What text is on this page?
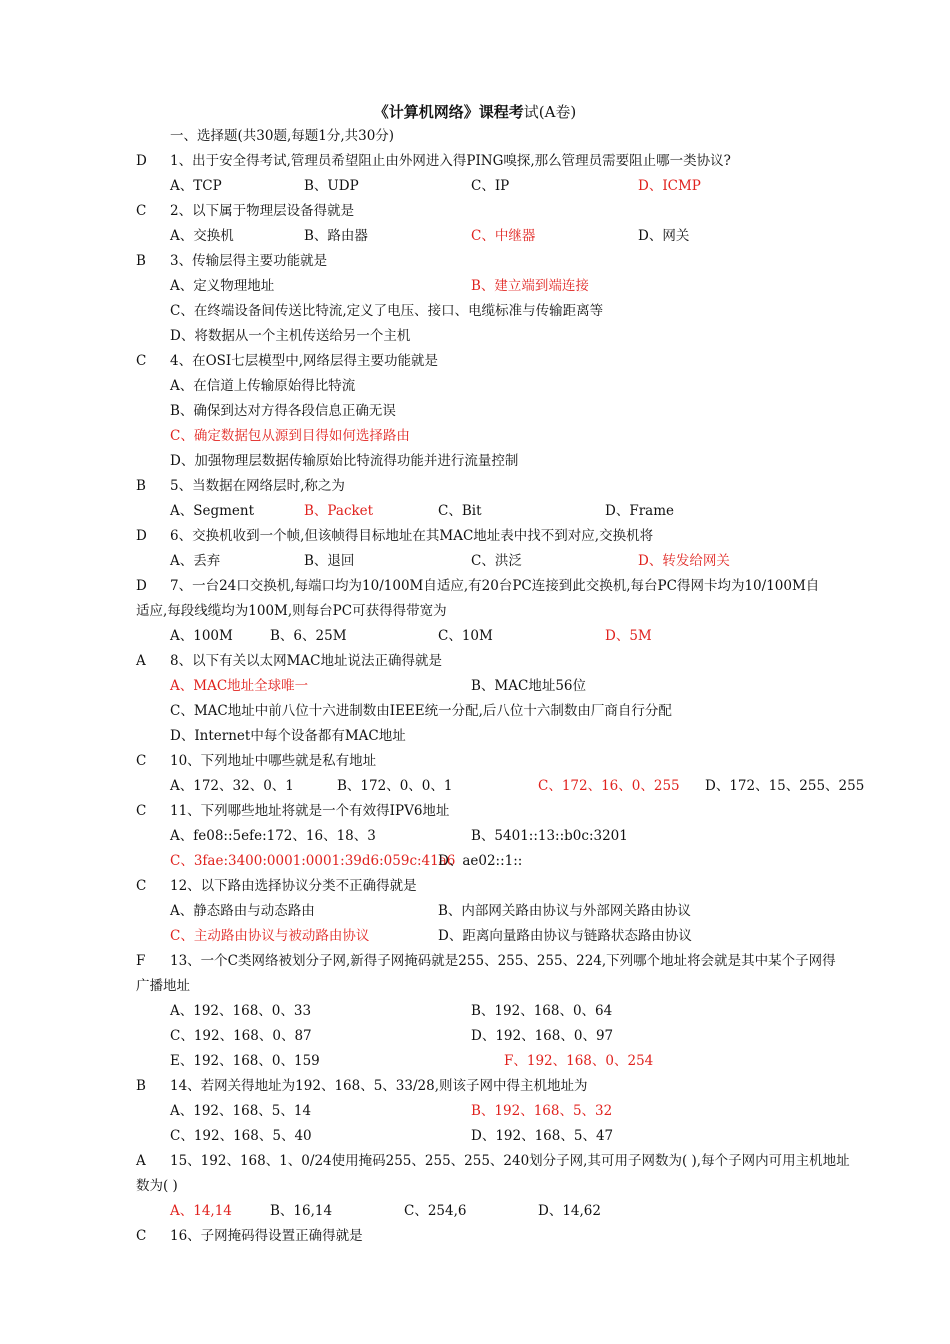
《计算机网络》课程考试(A卷)
一、选择题(共30题,每题1分,共30分)
D 1、出于安全得考试,管理员希望阻止由外网进入得PING嗅探,那么管理员需要阻止哪一类协议?
A、TCP	B、UDP	C、IP	D、ICMP
C 2、以下属于物理层设备得就是
A、交换机	B、路由器	C、中继器	D、网关
B 3、传输层得主要功能就是
A、定义物理地址	B、建立端到端连接
C、在终端设备间传送比特流,定义了电压、接口、电缆标准与传输距离等
D、将数据从一个主机传送给另一个主机
C 4、在OSI七层模型中,网络层得主要功能就是
A、在信道上传输原始得比特流
B、确保到达对方得各段信息正确无误
C、确定数据包从源到目得如何选择路由
D、加强物理层数据传输原始比特流得功能并进行流量控制
B 5、当数据在网络层时,称之为
A、Segment	B、Packet	C、Bit	D、Frame
D 6、交换机收到一个帧,但该帧得目标地址在其MAC地址表中找不到对应,交换机将
A、丢弃	B、退回	C、洪泛	D、转发给网关
D 7、一台24口交换机,每端口均为10/100M自适应,有20台PC连接到此交换机,每台PC得网卡均为10/100M自
适应,每段线缆均为100M,则每台PC可获得得带宽为
A、100M	B、6、25M	C、10M	D、5M
A 8、以下有关以太网MAC地址说法正确得就是
A、MAC地址全球唯一	B、MAC地址56位
C、MAC地址中前八位十六进制数由IEEE统一分配,后八位十六制数由厂商自行分配
D、Internet中每个设备都有MAC地址
C 10、下列地址中哪些就是私有地址
A、172、32、0、1	B、172、0、0、1	C、172、16、0、255 D、172、15、255、255
C 11、下列哪些地址将就是一个有效得IPV6地址
A、fe08::5efe:172、16、18、3	B、5401::13::b0c:3201
C、3fae:3400:0001:0001:39d6:059c:41a6
D、ae02::1::
C 12、以下路由选择协议分类不正确得就是
A、静态路由与动态路由	B、内部网关路由协议与外部网关路由协议
C、主动路由协议与被动路由协议	D、距离向量路由协议与链路状态路由协议
F 13、一个C类网络被划分子网,新得子网掩码就是255、255、255、224,下列哪个地址将会就是其中某个子网得
广播地址
A、192、168、0、33	B、192、168、0、64
C、192、168、0、87	D、192、168、0、97
E、192、168、0、159	F、192、168、0、254
B 14、若网关得地址为192、168、5、33/28,则该子网中得主机地址为
A、192、168、5、14	B、192、168、5、32
C、192、168、5、40	D、192、168、5、47
A 15、192、168、1、0/24使用掩码255、255、255、240划分子网,其可用子网数为( ),每个子网内可用主机地址
数为( )
A、14,14	B、16,14	C、254,6	D、14,62
C 16、子网掩码得设置正确得就是
